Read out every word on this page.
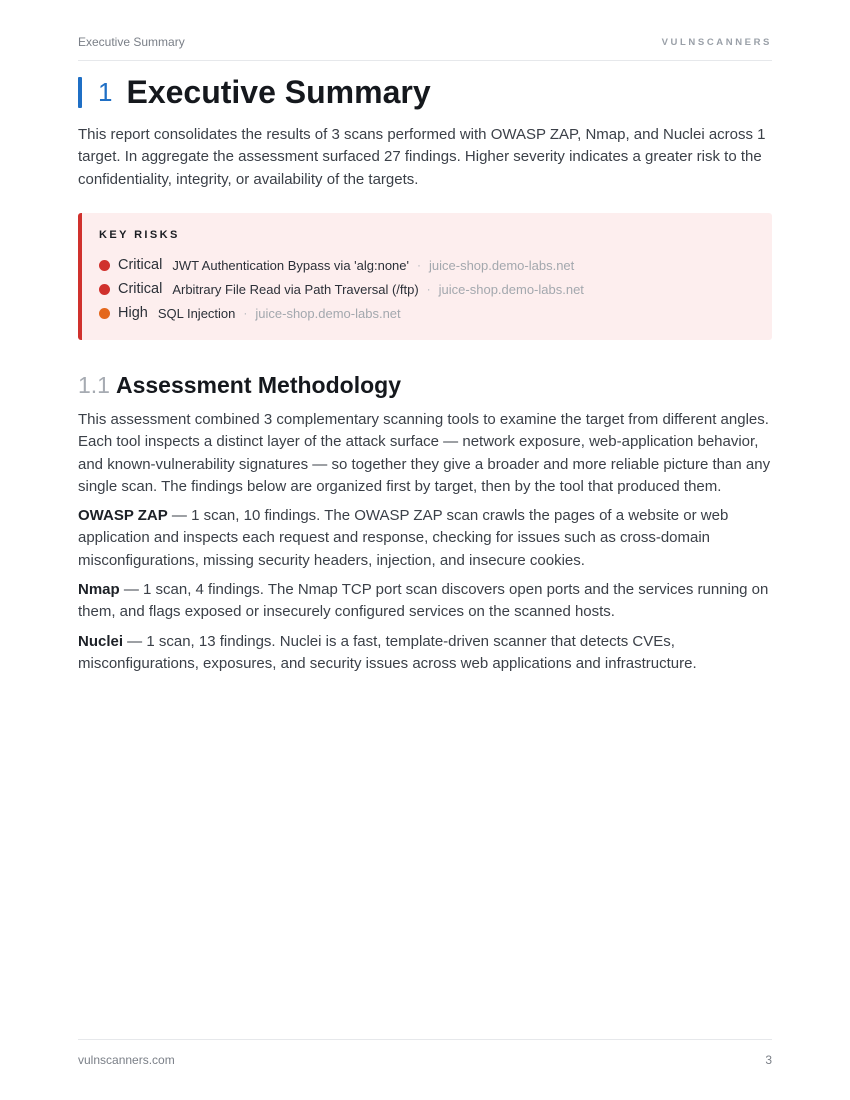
Executive Summary	VULNSCANNERS
1 Executive Summary

This report consolidates the results of 3 scans performed with OWASP ZAP, Nmap, and Nuclei across 1 target. In aggregate the assessment surfaced 27 findings. Higher severity indicates a greater risk to the confidentiality, integrity, or availability of the targets.

KEY RISKS
Critical JWT Authentication Bypass via 'alg:none' · juice-shop.demo-labs.net
Critical Arbitrary File Read via Path Traversal (/ftp) · juice-shop.demo-labs.net
High SQL Injection · juice-shop.demo-labs.net
1.1 Assessment Methodology

This assessment combined 3 complementary scanning tools to examine the target from different angles. Each tool inspects a distinct layer of the attack surface — network exposure, web-application behavior, and known-vulnerability signatures — so together they give a broader and more reliable picture than any single scan. The findings below are organized first by target, then by the tool that produced them.

OWASP ZAP — 1 scan, 10 findings. The OWASP ZAP scan crawls the pages of a website or web application and inspects each request and response, checking for issues such as cross-domain misconfigurations, missing security headers, injection, and insecure cookies.

Nmap — 1 scan, 4 findings. The Nmap TCP port scan discovers open ports and the services running on them, and flags exposed or insecurely configured services on the scanned hosts.

Nuclei — 1 scan, 13 findings. Nuclei is a fast, template-driven scanner that detects CVEs, misconfigurations, exposures, and security issues across web applications and infrastructure.

vulnscanners.com	3
